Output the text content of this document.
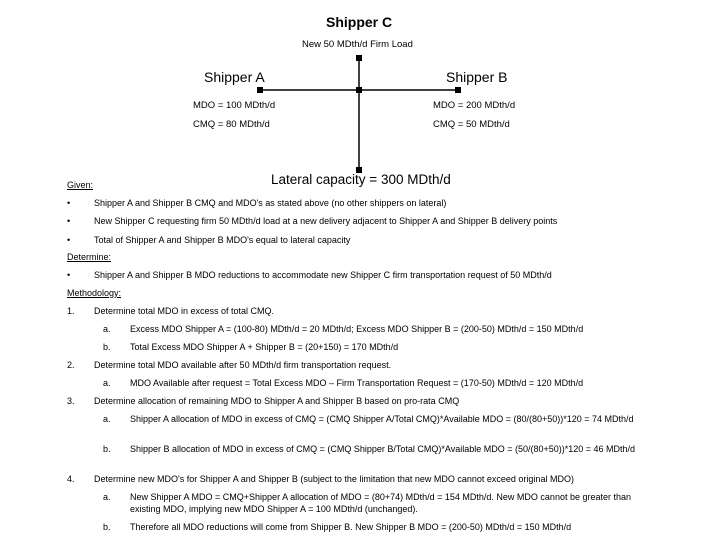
Shipper C
New 50 MDth/d Firm Load
Shipper A	Shipper B
MDO = 100 MDth/d	MDO = 200 MDth/d
CMQ = 80 MDth/d	CMQ = 50 MDth/d
Lateral capacity = 300 MDth/d
Given:
•	Shipper A and Shipper B CMQ and MDO's as stated above (no other shippers on lateral)
•	New Shipper C requesting firm 50 MDth/d load at a new delivery adjacent to Shipper A and Shipper B delivery points
•	Total of Shipper A and Shipper B MDO's equal to lateral capacity
Determine:
•	Shipper A and Shipper B MDO reductions to accommodate new Shipper C firm transportation request of 50 MDth/d
Methodology:
1. Determine total MDO in excess of total CMQ.
a. Excess MDO Shipper A = (100-80) MDth/d = 20 MDth/d; Excess MDO Shipper B = (200-50) MDth/d = 150 MDth/d
b. Total Excess MDO Shipper A + Shipper B = (20+150) = 170 MDth/d
2. Determine total MDO available after 50 MDth/d firm transportation request.
a. MDO Available after request = Total Excess MDO – Firm Transportation Request = (170-50) MDth/d = 120 MDth/d
3. Determine allocation of remaining MDO to Shipper A and Shipper B based on pro-rata CMQ
a. Shipper A allocation of MDO in excess of CMQ = (CMQ Shipper A/Total CMQ)*Available MDO = (80/(80+50))*120 = 74 MDth/d
b. Shipper B allocation of MDO in excess of CMQ = (CMQ Shipper B/Total CMQ)*Available MDO = (50/(80+50))*120 = 46 MDth/d
4. Determine new MDO's for Shipper A and Shipper B (subject to the limitation that new MDO cannot exceed original MDO)
a. New Shipper A MDO = CMQ+Shipper A allocation of MDO = (80+74) MDth/d = 154 MDth/d. New MDO cannot be greater than existing MDO, implying new MDO Shipper A = 100 MDth/d (unchanged).
b. Therefore all MDO reductions will come from Shipper B. New Shipper B MDO = (200-50) MDth/d = 150 MDth/d
